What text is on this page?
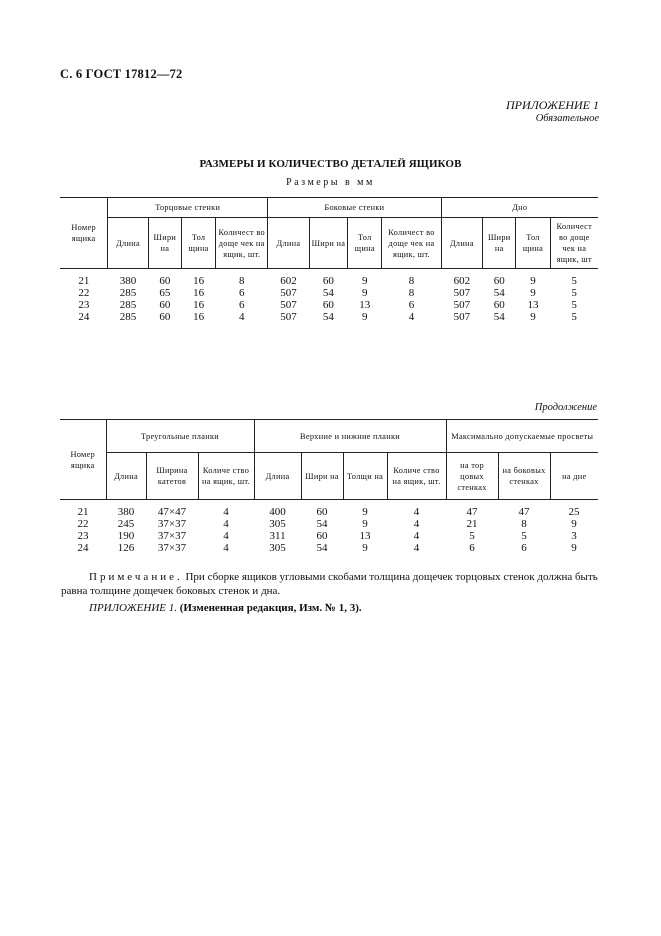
С. 6 ГОСТ 17812—72
ПРИЛОЖЕНИЕ 1
Обязательное
РАЗМЕРЫ И КОЛИЧЕСТВО ДЕТАЛЕЙ ЯЩИКОВ
Размеры в мм
Номер ящика	Торцовые стенки				Боковые стенки				Дно			
	Длина	Шири на	Тол щина	Количест во доще чек на ящик, шт.	Длина	Шири на	Тол щина	Количест во доще чек на ящик, шт.	Длина	Шири на	Тол щина	Количест во доще чек на ящик, шт

21	380	60	16	8	602	60	9	8	602	60	9	5
22	285	65	16	6	507	54	9	8	507	54	9	5
23	285	60	16	6	507	60	13	6	507	60	13	5
24	285	60	16	4	507	54	9	4	507	54	9	5
Продолжение
Номер ящика	Треугольные планки			Верхние и нижние планки				Максимально допускаемые просветы		
	Длина	Ширина катетов	Количе ство на ящик, шт.	Длина	Шири на	Толщи на	Количе ство на ящик, шт.	на тор цовых стенках	на боковых стенках	на дне

21	380	47×47	4	400	60	9	4	47	47	25
22	245	37×37	4	305	54	9	4	21	8	9
23	190	37×37	4	311	60	13	4	5	5	3
24	126	37×37	4	305	54	9	4	6	6	9
Примечание. При сборке ящиков угловыми скобами толщина дощечек торцовых стенок должна быть равна толщине дощечек боковых стенок и дна.
ПРИЛОЖЕНИЕ 1. (Измененная редакция, Изм. № 1, 3).
